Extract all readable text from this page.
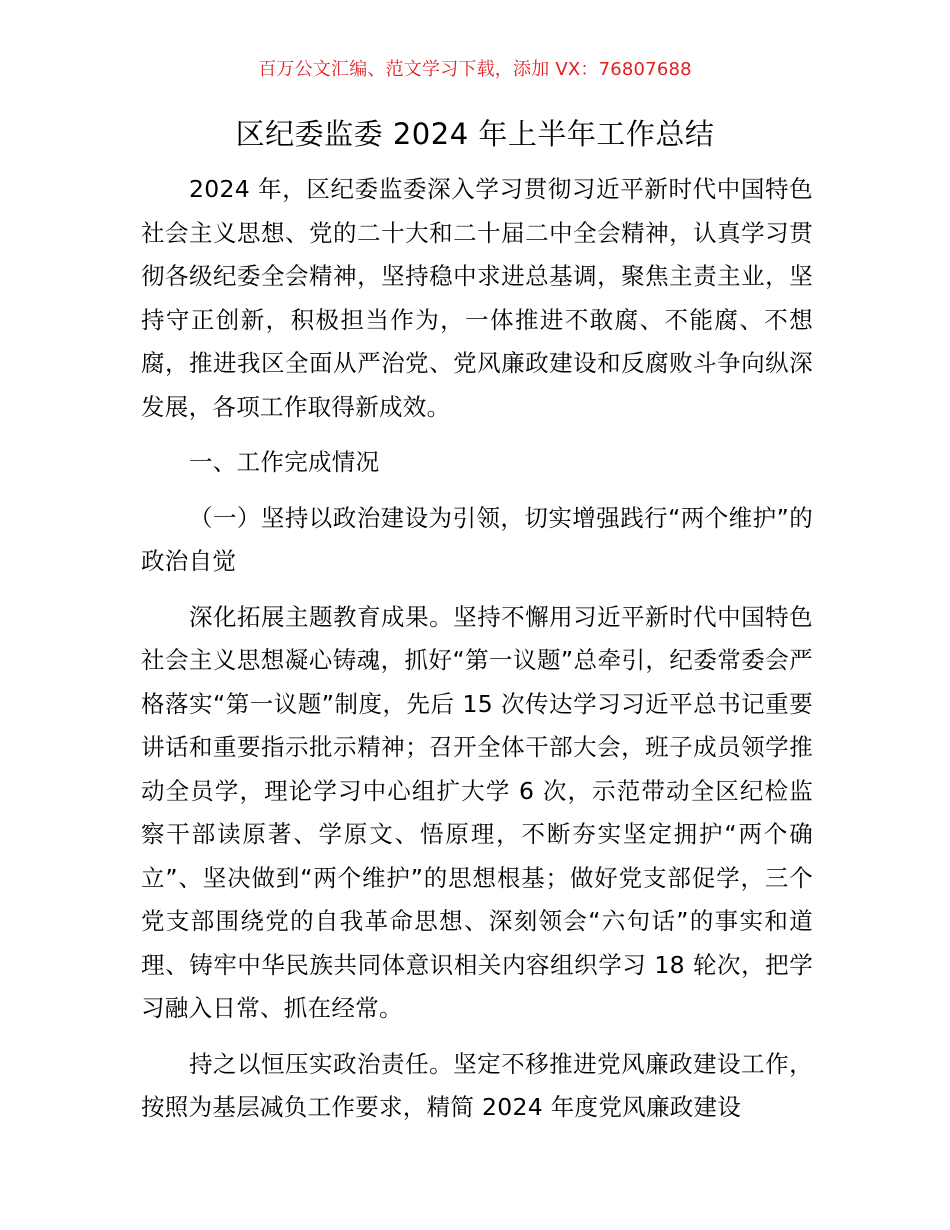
百万公文汇编、范文学习下载，添加 VX：76807688
区纪委监委 2024 年上半年工作总结

2024 年，区纪委监委深入学习贯彻习近平新时代中国特色社会主义思想、党的二十大和二十届二中全会精神，认真学习贯彻各级纪委全会精神，坚持稳中求进总基调，聚焦主责主业，坚持守正创新，积极担当作为，一体推进不敢腐、不能腐、不想腐，推进我区全面从严治党、党风廉政建设和反腐败斗争向纵深发展，各项工作取得新成效。

一、工作完成情况

（一）坚持以政治建设为引领，切实增强践行“两个维护”的政治自觉

深化拓展主题教育成果。坚持不懈用习近平新时代中国特色社会主义思想凝心铸魂，抓好“第一议题”总牵引，纪委常委会严格落实“第一议题”制度，先后 15 次传达学习习近平总书记重要讲话和重要指示批示精神；召开全体干部大会，班子成员领学推动全员学，理论学习中心组扩大学 6 次，示范带动全区纪检监察干部读原著、学原文、悟原理，不断夯实坚定拥护“两个确立”、坚决做到“两个维护”的思想根基；做好党支部促学，三个党支部围绕党的自我革命思想、深刻领会“六句话”的事实和道理、铸牢中华民族共同体意识相关内容组织学习 18 轮次，把学习融入日常、抓在经常。

持之以恒压实政治责任。坚定不移推进党风廉政建设工作，按照为基层减负工作要求，精简 2024 年度党风廉政建设
